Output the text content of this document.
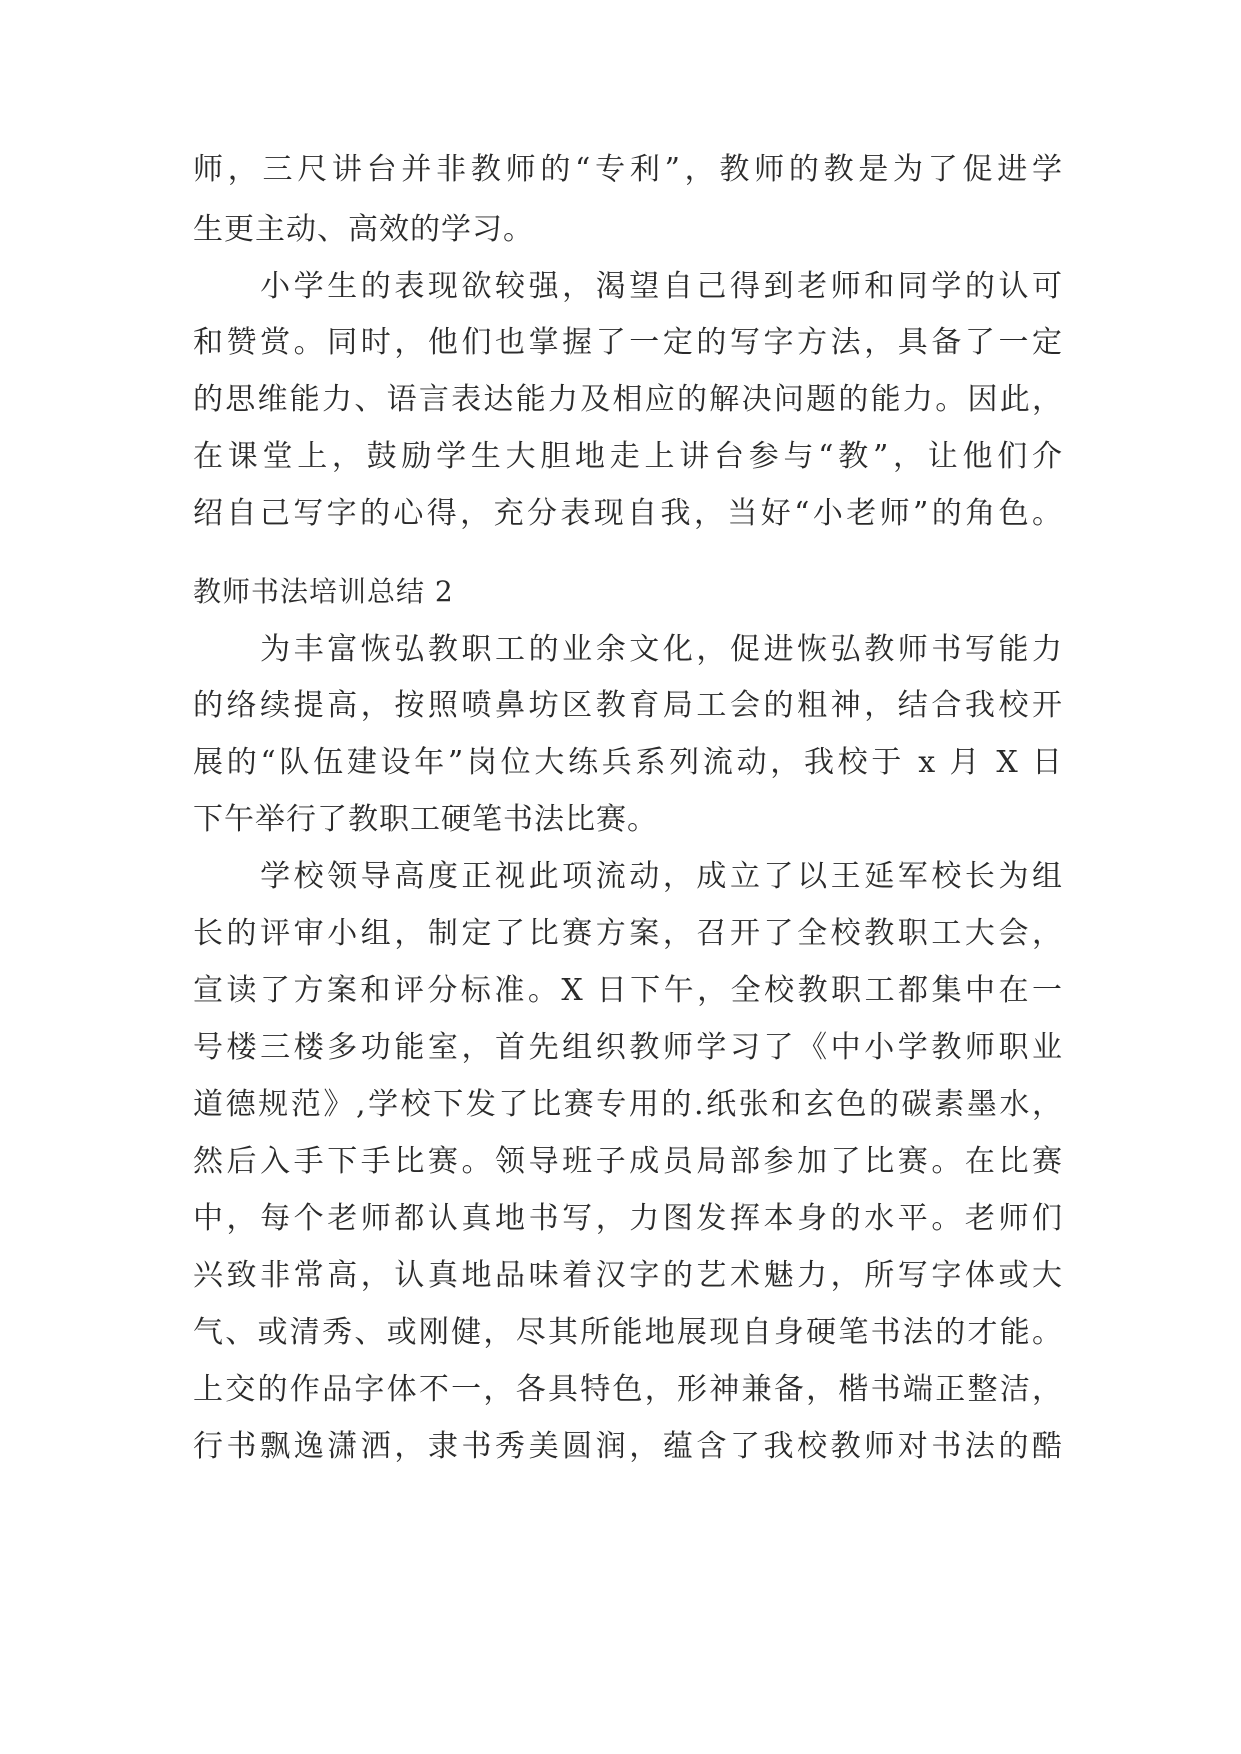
师，三尺讲台并非教师的“专利”，教师的教是为了促进学
生更主动、高效的学习。
　　小学生的表现欲较强，渴望自己得到老师和同学的认可
和赞赏。同时，他们也掌握了一定的写字方法，具备了一定
的思维能力、语言表达能力及相应的解决问题的能力。因此，
在课堂上，鼓励学生大胆地走上讲台参与“教”，让他们介
绍自己写字的心得，充分表现自我，当好“小老师”的角色。
教师书法培训总结 2
　　为丰富恢弘教职工的业余文化，促进恢弘教师书写能力
的络续提高，按照喷鼻坊区教育局工会的粗神，结合我校开
展的“队伍建设年”岗位大练兵系列流动，我校于 x 月 X 日
下午举行了教职工硬笔书法比赛。
　　学校领导高度正视此项流动，成立了以王延军校长为组
长的评审小组，制定了比赛方案，召开了全校教职工大会，
宣读了方案和评分标准。X 日下午，全校教职工都集中在一
号楼三楼多功能室，首先组织教师学习了《中小学教师职业
道德规范》,学校下发了比赛专用的.纸张和玄色的碳素墨水，
然后入手下手比赛。领导班子成员局部参加了比赛。在比赛
中，每个老师都认真地书写，力图发挥本身的水平。老师们
兴致非常高，认真地品味着汉字的艺术魅力，所写字体或大
气、或清秀、或刚健，尽其所能地展现自身硬笔书法的才能。
上交的作品字体不一，各具特色，形神兼备，楷书端正整洁，
行书飘逸潇洒，隶书秀美圆润，蕴含了我校教师对书法的酷
